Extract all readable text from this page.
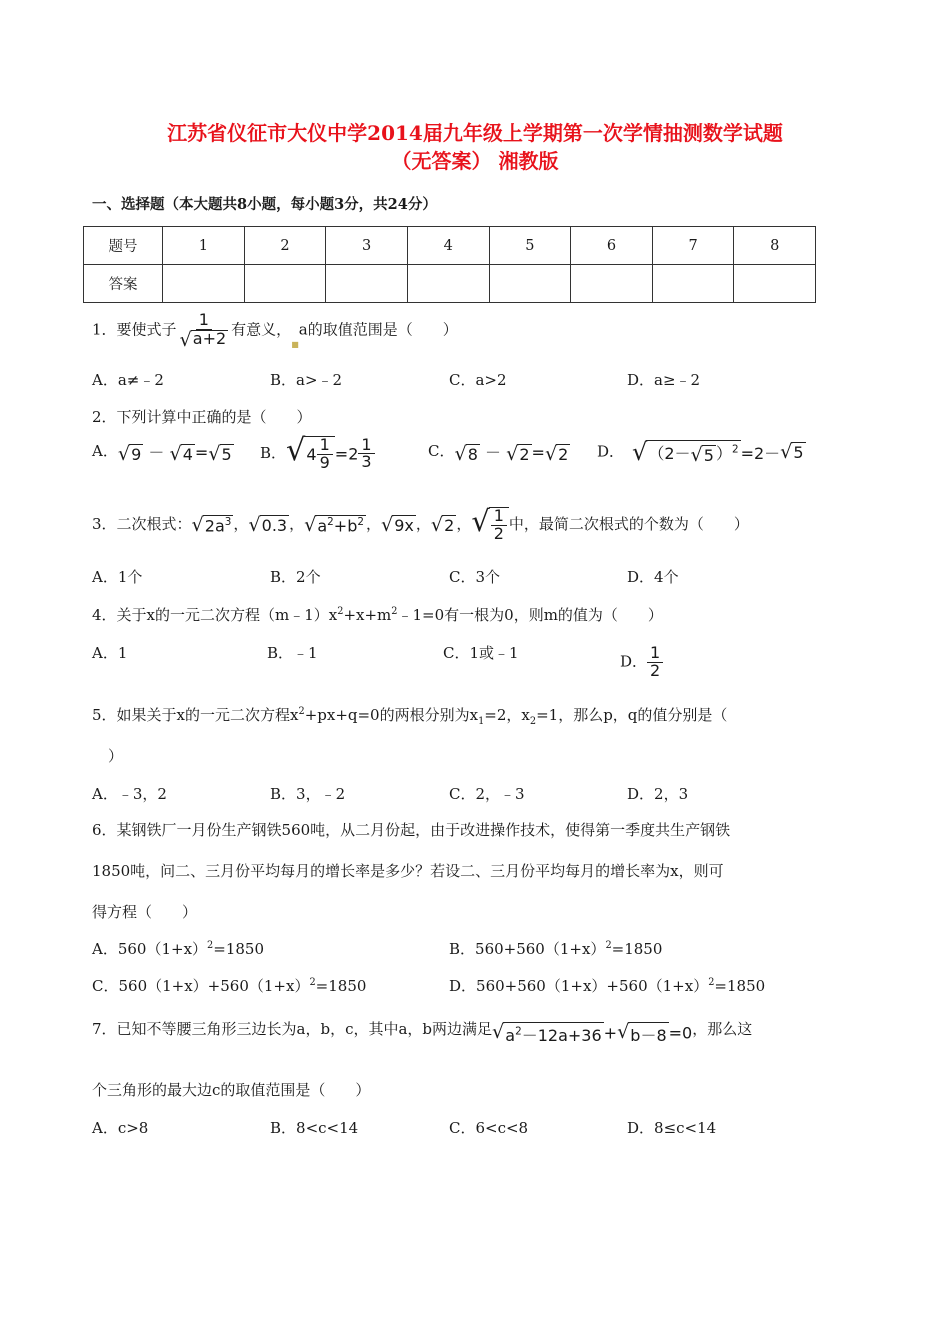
江苏省仪征市大仪中学2014届九年级上学期第一次学情抽测数学试题
（无答案） 湘教版
一、选择题（本大题共8小题，每小题3分，共24分）
题号	1	2	3	4	5	6	7	8
答案								
1．要使式子 $\frac{1}{√ a+2}$ 有意义，■a的取值范围是（　　）
A．a≠﹣2	B．a>﹣2	C．a>2	D．a≥﹣2
2．下列计算中正确的是（　　）
A． √ 9 － √ 4 = √ 5 B． √ $4 \frac{1}{9} =2 \frac{1}{3}$	C． √ 8 － √ 2 = √ 2 D． √ （2－ √ 5 ）$^2$ =2－ √ 5
3．二次根式： √ $2a^3$ ， √ 0.3 ， √ $a^2+b^2$ ， √ 9x ， √ 2 ， √ $\frac{1}{2}$ 中，最简二次根式的个数为（　　）
A．1个	B．2个	C．3个	D．4个
4．关于x的一元二次方程$(m﹣1)x^2+x+m^2﹣1=0$有一根为0，则m的值为（　　）
A．1	B．﹣1	C．1或﹣1	D． $\frac{1}{2}$
5．如果关于x的一元二次方程$x^2+px+q=0$的两根分别为$x_1=2$，$x_2=1$，那么p，q的值分别是（
）
A．﹣3，2	B．3，﹣2	C．2，﹣3	D．2，3
6．某钢铁厂一月份生产钢铁560吨，从二月份起，由于改进操作技术，使得第一季度共生产钢铁
1850吨，问二、三月份平均每月的增长率是多少？若设二、三月份平均每月的增长率为x，则可
得方程（　　）
A．$560(1+x)^2=1850$	B．$560+560(1+x)^2=1850$
C．$560(1+x)+560(1+x)^2=1850$	D．$560+560(1+x)+560(1+x)^2=1850$
7．已知不等腰三角形三边长为a，b，c，其中a，b两边满足 √ $a^2-12a+36$ + √ b－8 =0，那么这
个三角形的最大边c的取值范围是（　　）
A．c>8	B．8<c<14	C．6<c<8	D．8≤c<14
